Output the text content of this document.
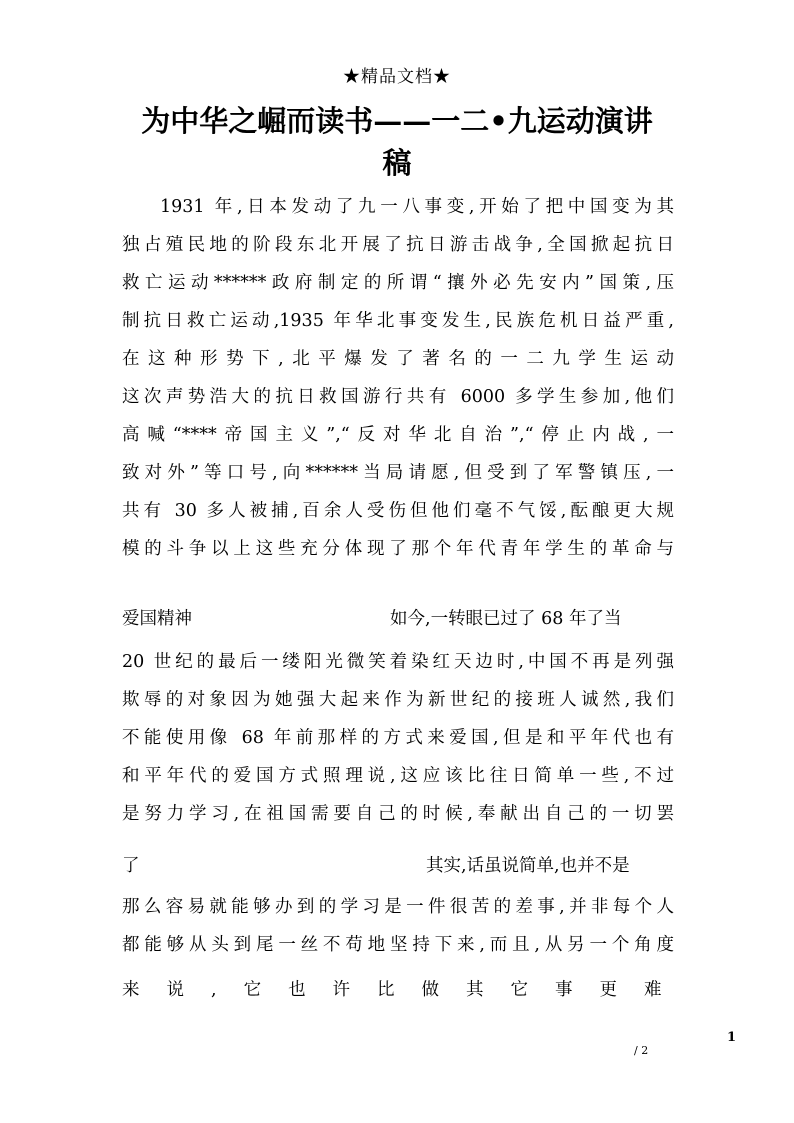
★精品文档★
为中华之崛而读书——一二•九运动演讲
稿
1931 年,日本发动了九一八事变,开始了把中国变为其
独占殖民地的阶段东北开展了抗日游击战争,全国掀起抗日
救亡运动******政府制定的所谓“攘外必先安内”国策,压
制抗日救亡运动,1935 年华北事变发生,民族危机日益严重,
在这种形势下,北平爆发了著名的一二九学生运动
这次声势浩大的抗日救国游行共有 6000 多学生参加,他们
高喊“****帝国主义”,“反对华北自治”,“停止内战,一
致对外”等口号,向******当局请愿,但受到了军警镇压,一
共有 30 多人被捕,百余人受伤但他们毫不气馁,酝酿更大规
模的斗争以上这些充分体现了那个年代青年学生的革命与
爱国精神	如今,一转眼已过了 68 年了当
20 世纪的最后一缕阳光微笑着染红天边时,中国不再是列强
欺辱的对象因为她强大起来作为新世纪的接班人诚然,我们
不能使用像 68 年前那样的方式来爱国,但是和平年代也有
和平年代的爱国方式照理说,这应该比往日简单一些,不过
是努力学习,在祖国需要自己的时候,奉献出自己的一切罢
了	其实,话虽说简单,也并不是
那么容易就能够办到的学习是一件很苦的差事,并非每个人
都能够从头到尾一丝不苟地坚持下来,而且,从另一个角度
来说,它也许比做其它事更难
1
/ 2
